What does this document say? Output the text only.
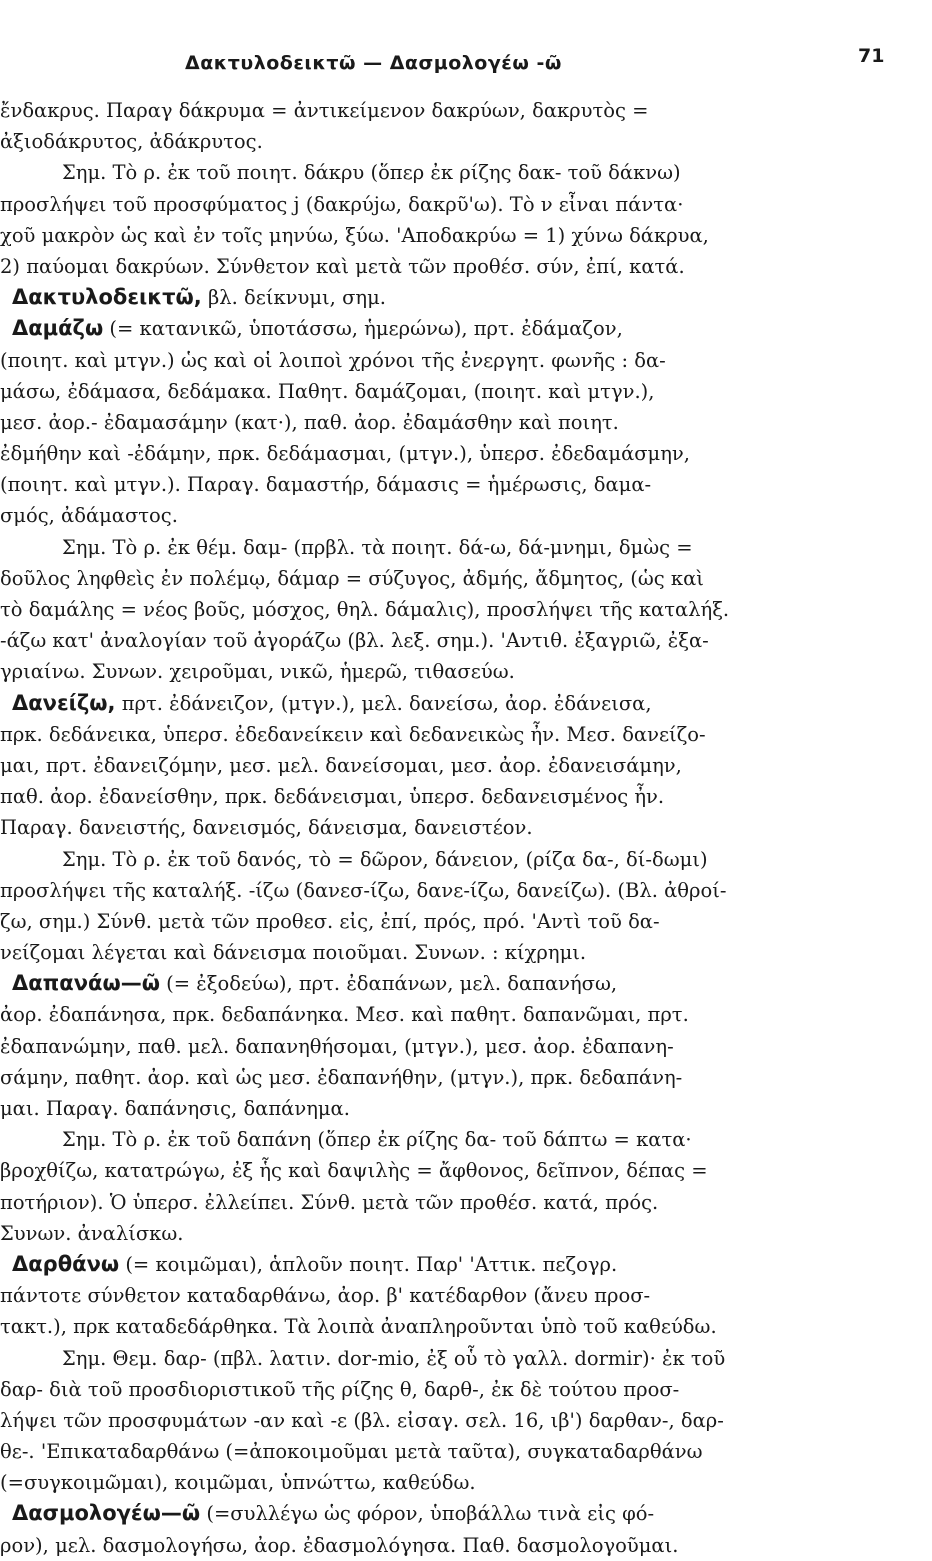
Δακτυλοδεικτῶ — Δασμολογέω -ῶ	71
ἔνδακρυς. Παραγ δάκρυμα = ἀντικείμενον δακρύων, δακρυτὸς =
ἀξιοδάκρυτος, ἀδάκρυτος.
Σημ. Τὸ ρ. ἐκ τοῦ ποιητ. δάκρυ (ὅπερ ἐκ ρίζης δακ- τοῦ δάκνω)
προσλήψει τοῦ προσφύματος j (δακρύjω, δακρῦ'ω). Τὸ ν εἶναι πάντα·
χοῦ μακρὸν ὡς καὶ ἐν τοῖς μηνύω, ξύω. 'Αποδακρύω = 1) χύνω δάκρυα,
2) παύομαι δακρύων. Σύνθετον καὶ μετὰ τῶν προθέσ. σύν, ἐπί, κατά.
Δακτυλοδεικτῶ, βλ. δείκνυμι, σημ.
Δαμάζω (= κατανικῶ, ὑποτάσσω, ἡμερώνω), πρτ. ἐδάμαζον,
(ποιητ. καὶ μτγν.) ὡς καὶ οἱ λοιποὶ χρόνοι τῆς ἐνεργητ. φωνῆς : δα-
μάσω, ἐδάμασα, δεδάμακα. Παθητ. δαμάζομαι, (ποιητ. καὶ μτγν.),
μεσ. ἀορ.- ἐδαμασάμην (κατ·), παθ. ἀορ. ἐδαμάσθην καὶ ποιητ.
ἐδμήθην καὶ -ἐδάμην, πρκ. δεδάμασμαι, (μτγν.), ὑπερσ. ἐδεδαμάσμην,
(ποιητ. καὶ μτγν.). Παραγ. δαμαστήρ, δάμασις = ἡμέρωσις, δαμα-
σμός, ἀδάμαστος.
Σημ. Τὸ ρ. ἐκ θέμ. δαμ- (πρβλ. τὰ ποιητ. δά-ω, δά-μνημι, δμὼς =
δοῦλος ληφθεὶς ἐν πολέμῳ, δάμαρ = σύζυγος, ἀδμής, ἄδμητος, (ὡς καὶ
τὸ δαμάλης = νέος βοῦς, μόσχος, θηλ. δάμαλις), προσλήψει τῆς καταλήξ.
-άζω κατ' ἀναλογίαν τοῦ ἀγοράζω (βλ. λεξ. σημ.). 'Αντιθ. ἐξαγριῶ, ἐξα-
γριαίνω. Συνων. χειροῦμαι, νικῶ, ἡμερῶ, τιθασεύω.
Δανείζω, πρτ. ἐδάνειζον, (μτγν.), μελ. δανείσω, ἀορ. ἐδάνεισα,
πρκ. δεδάνεικα, ὑπερσ. ἐδεδανείκειν καὶ δεδανεικὼς ἦν. Μεσ. δανείζο-
μαι, πρτ. ἐδανειζόμην, μεσ. μελ. δανείσομαι, μεσ. ἀορ. ἐδανεισάμην,
παθ. ἀορ. ἐδανείσθην, πρκ. δεδάνεισμαι, ὑπερσ. δεδανεισμένος ἦν.
Παραγ. δανειστής, δανεισμός, δάνεισμα, δανειστέον.
Σημ. Τὸ ρ. ἐκ τοῦ δανός, τὸ = δῶρον, δάνειον, (ρίζα δα-, δί-δωμι)
προσλήψει τῆς καταλήξ. -ίζω (δανεσ-ίζω, δανε-ίζω, δανείζω). (Βλ. ἀθροί-
ζω, σημ.) Σύνθ. μετὰ τῶν προθεσ. εἰς, ἐπί, πρός, πρό. 'Αντὶ τοῦ δα-
νείζομαι λέγεται καὶ δάνεισμα ποιοῦμαι. Συνων. : κίχρημι.
Δαπανάω—ῶ (= ἐξοδεύω), πρτ. ἐδαπάνων, μελ. δαπανήσω,
ἀορ. ἐδαπάνησα, πρκ. δεδαπάνηκα. Μεσ. καὶ παθητ. δαπανῶμαι, πρτ.
ἐδαπανώμην, παθ. μελ. δαπανηθήσομαι, (μτγν.), μεσ. ἀορ. ἐδαπανη-
σάμην, παθητ. ἀορ. καὶ ὡς μεσ. ἐδαπανήθην, (μτγν.), πρκ. δεδαπάνη-
μαι. Παραγ. δαπάνησις, δαπάνημα.
Σημ. Τὸ ρ. ἐκ τοῦ δαπάνη (ὅπερ ἐκ ρίζης δα- τοῦ δάπτω = κατα·
βροχθίζω, κατατρώγω, ἐξ ἧς καὶ δαψιλὴς = ἄφθονος, δεῖπνον, δέπας =
ποτήριον). Ὁ ὑπερσ. ἐλλείπει. Σύνθ. μετὰ τῶν προθέσ. κατά, πρός.
Συνων. ἀναλίσκω.
Δαρθάνω (= κοιμῶμαι), ἁπλοῦν ποιητ. Παρ' 'Αττικ. πεζογρ.
πάντοτε σύνθετον καταδαρθάνω, ἀορ. β' κατέδαρθον (ἄνευ προσ-
τακτ.), πρκ καταδεδάρθηκα. Τὰ λοιπὰ ἀναπληροῦνται ὑπὸ τοῦ καθεύδω.
Σημ. Θεμ. δαρ- (πβλ. λατιν. dor-mio, ἐξ οὗ τὸ γαλλ. dormir)· ἐκ τοῦ
δαρ- διὰ τοῦ προσδιοριστικοῦ τῆς ρίζης θ, δαρθ-, ἐκ δὲ τούτου προσ-
λήψει τῶν προσφυμάτων -αν καὶ -ε (βλ. εἰσαγ. σελ. 16, ιβ') δαρθαν-, δαρ-
θε-. 'Επικαταδαρθάνω (=ἀποκοιμοῦμαι μετὰ ταῦτα), συγκαταδαρθάνω
(=συγκοιμῶμαι), κοιμῶμαι, ὑπνώττω, καθεύδω.
Δασμολογέω—ῶ (=συλλέγω ὡς φόρον, ὑποβάλλω τινὰ εἰς φό-
ρον), μελ. δασμολογήσω, ἀορ. ἐδασμολόγησα. Παθ. δασμολογοῦμαι.
